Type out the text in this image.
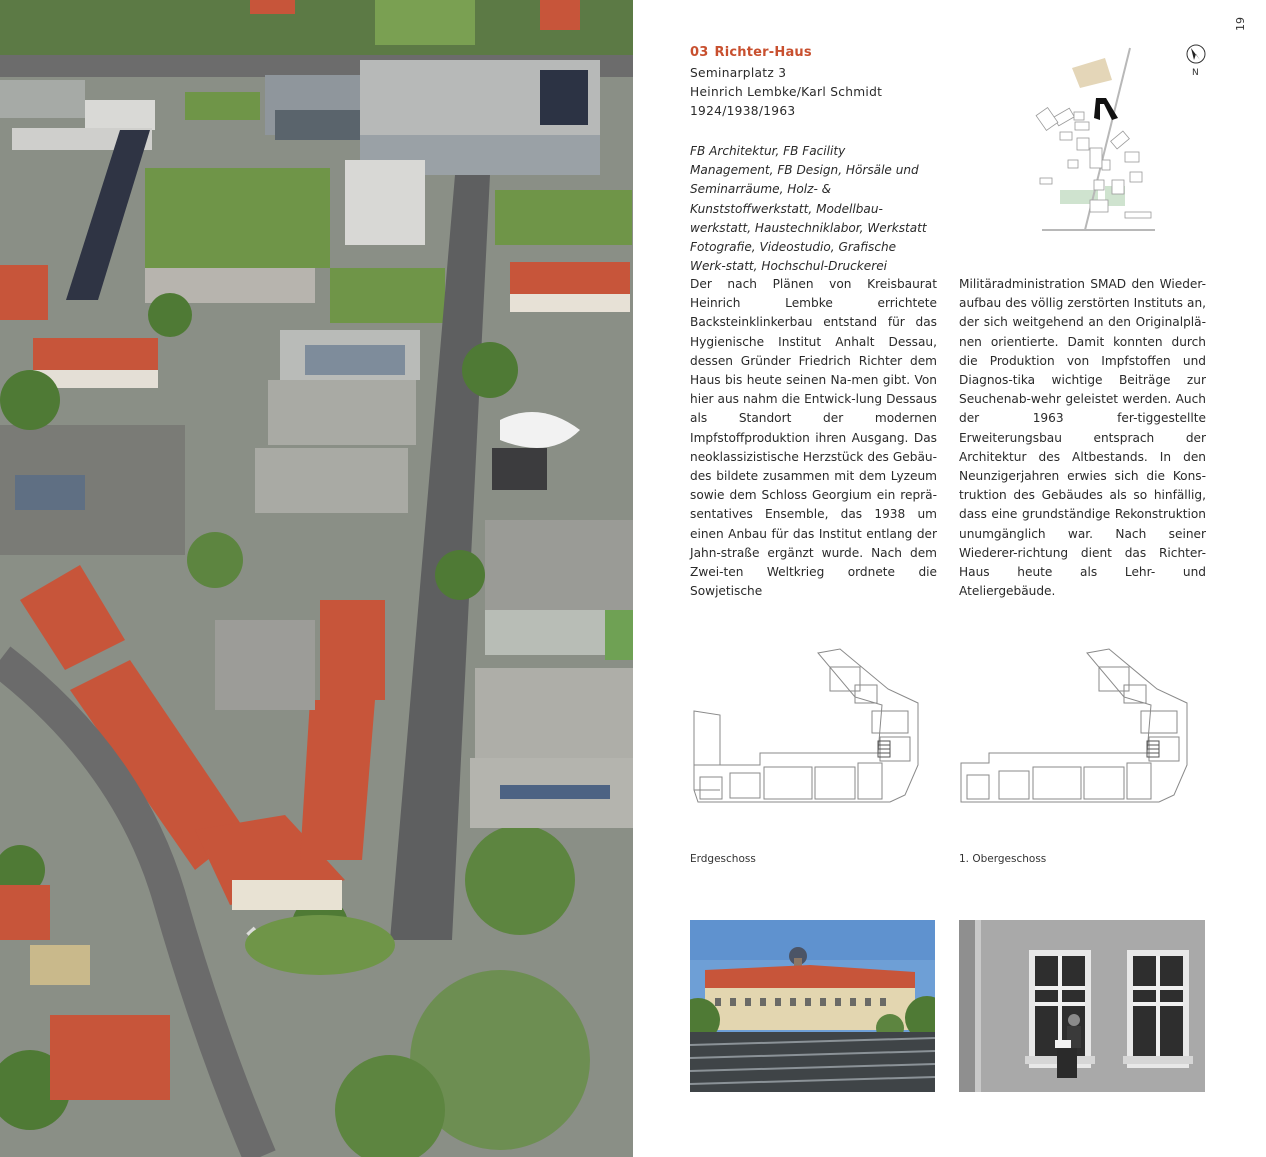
19
03 Richter-Haus
Seminarplatz 3
Heinrich Lembke/Karl Schmidt
1924/1938/1963
FB Architektur, FB Facility Management, FB Design, Hörsäle und Seminarräume, Holz- & Kunststoffwerkstatt, Modellbau-werkstatt, Haustechniklabor, Werkstatt Fotografie, Videostudio, Grafische Werk-statt, Hochschul-Druckerei
N
Der nach Plänen von Kreisbaurat Heinrich Lembke errichtete Backsteinklinkerbau entstand für das Hygienische Institut Anhalt Dessau, dessen Gründer Friedrich Richter dem Haus bis heute seinen Na-men gibt. Von hier aus nahm die Entwick-lung Dessaus als Standort der modernen Impfstoffproduktion ihren Ausgang. Das neoklassizistische Herzstück des Gebäu-des bildete zusammen mit dem Lyzeum sowie dem Schloss Georgium ein reprä-sentatives Ensemble, das 1938 um einen Anbau für das Institut entlang der Jahn-straße ergänzt wurde. Nach dem Zwei-ten Weltkrieg ordnete die Sowjetische
Militäradministration SMAD den Wieder-aufbau des völlig zerstörten Instituts an, der sich weitgehend an den Originalplä-nen orientierte. Damit konnten durch die Produktion von Impfstoffen und Diagnos-tika wichtige Beiträge zur Seuchenab-wehr geleistet werden. Auch der 1963 fer-tiggestellte Erweiterungsbau entsprach der Architektur des Altbestands. In den Neunzigerjahren erwies sich die Kons-truktion des Gebäudes als so hinfällig, dass eine grundständige Rekonstruktion unumgänglich war. Nach seiner Wiederer-richtung dient das Richter-Haus heute als Lehr- und Ateliergebäude.
Erdgeschoss	1. Obergeschoss
